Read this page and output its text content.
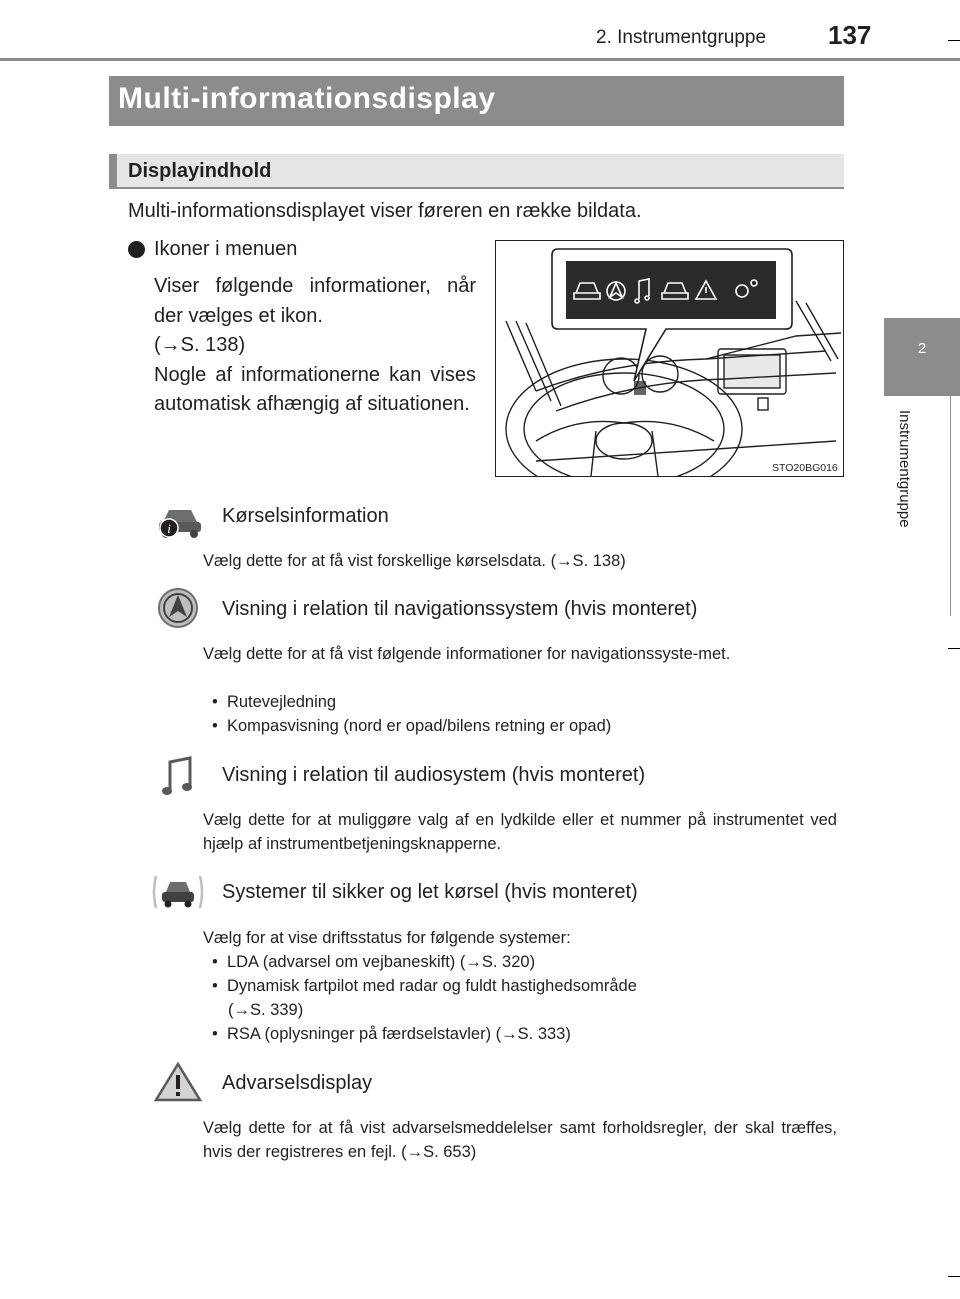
2. Instrumentgruppe 137
2
Instrumentgruppe
Multi-informationsdisplay
Displayindhold
Multi-informationsdisplayet viser føreren en række bildata.
Ikoner i menuen
Viser følgende informationer, når der vælges et ikon.
(→S. 138)
Nogle af informationerne kan vises automatisk afhængig af situationen.
STO20BG016
i
Kørselsinformation
Vælg dette for at få vist forskellige kørselsdata. (→S. 138)
Visning i relation til navigationssystem (hvis monteret)
Vælg dette for at få vist følgende informationer for navigationssyste-met.
•  Rutevejledning
•  Kompasvisning (nord er opad/bilens retning er opad)
Visning i relation til audiosystem (hvis monteret)
Vælg dette for at muliggøre valg af en lydkilde eller et nummer på instrumentet ved hjælp af instrumentbetjeningsknapperne.
Systemer til sikker og let kørsel (hvis monteret)
Vælg for at vise driftsstatus for følgende systemer:
•  LDA (advarsel om vejbaneskift) (→S. 320)
•  Dynamisk fartpilot med radar og fuldt hastighedsområde
(→S. 339)
•  RSA (oplysninger på færdselstavler) (→S. 333)
Advarselsdisplay
Vælg dette for at få vist advarselsmeddelelser samt forholdsregler, der skal træffes, hvis der registreres en fejl. (→S. 653)
